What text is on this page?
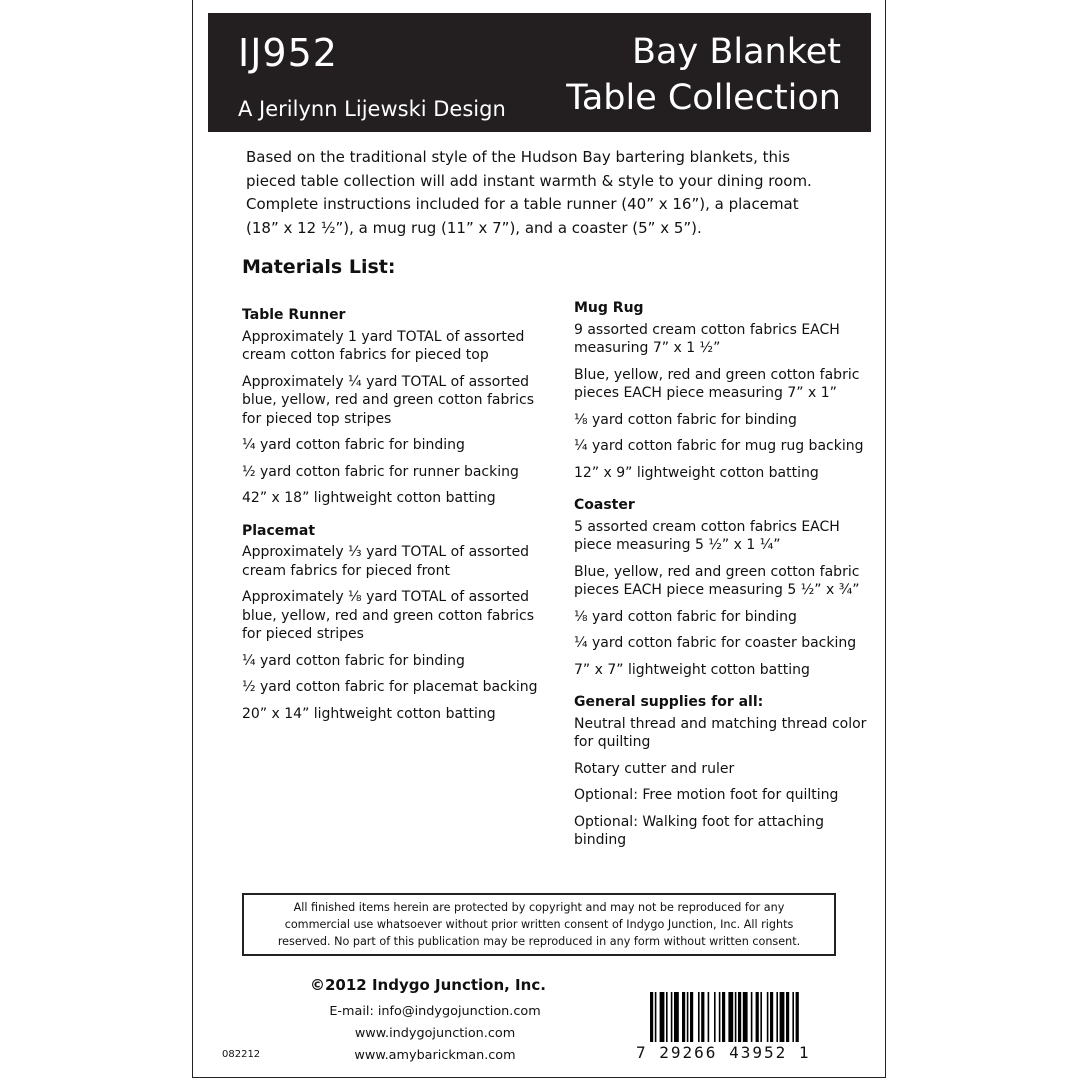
IJ952
A Jerilynn Lijewski Design
Bay Blanket
Table Collection
Based on the traditional style of the Hudson Bay bartering blankets, this pieced table collection will add instant warmth & style to your dining room. Complete instructions included for a table runner (40” x 16”), a placemat (18” x 12 ½”), a mug rug (11” x 7”), and a coaster (5” x 5”).
Materials List:
Table Runner
Approximately 1 yard TOTAL of assorted cream cotton fabrics for pieced top
Approximately ¼ yard TOTAL of assorted blue, yellow, red and green cotton fabrics for pieced top stripes
¼ yard cotton fabric for binding
½ yard cotton fabric for runner backing
42” x 18” lightweight cotton batting
Placemat
Approximately ⅓ yard TOTAL of assorted cream fabrics for pieced front
Approximately ⅛ yard TOTAL of assorted blue, yellow, red and green cotton fabrics for pieced stripes
¼ yard cotton fabric for binding
½ yard cotton fabric for placemat backing
20” x 14” lightweight cotton batting
Mug Rug
9 assorted cream cotton fabrics EACH measuring 7” x 1 ½”
Blue, yellow, red and green cotton fabric pieces EACH piece measuring 7” x 1”
⅛ yard cotton fabric for binding
¼ yard cotton fabric for mug rug backing
12” x 9” lightweight cotton batting
Coaster
5 assorted cream cotton fabrics EACH piece measuring 5 ½” x 1 ¼”
Blue, yellow, red and green cotton fabric pieces EACH piece measuring 5 ½” x ¾”
⅛ yard cotton fabric for binding
¼ yard cotton fabric for coaster backing
7” x 7” lightweight cotton batting
General supplies for all:
Neutral thread and matching thread color for quilting
Rotary cutter and ruler
Optional: Free motion foot for quilting
Optional: Walking foot for attaching binding
All finished items herein are protected by copyright and may not be reproduced for any
commercial use whatsoever without prior written consent of Indygo Junction, Inc. All rights
reserved. No part of this publication may be reproduced in any form without written consent.
©2012 Indygo Junction, Inc.
E-mail: info@indygojunction.com
www.indygojunction.com
www.amybarickman.com
082212	7 29266 43952 1
